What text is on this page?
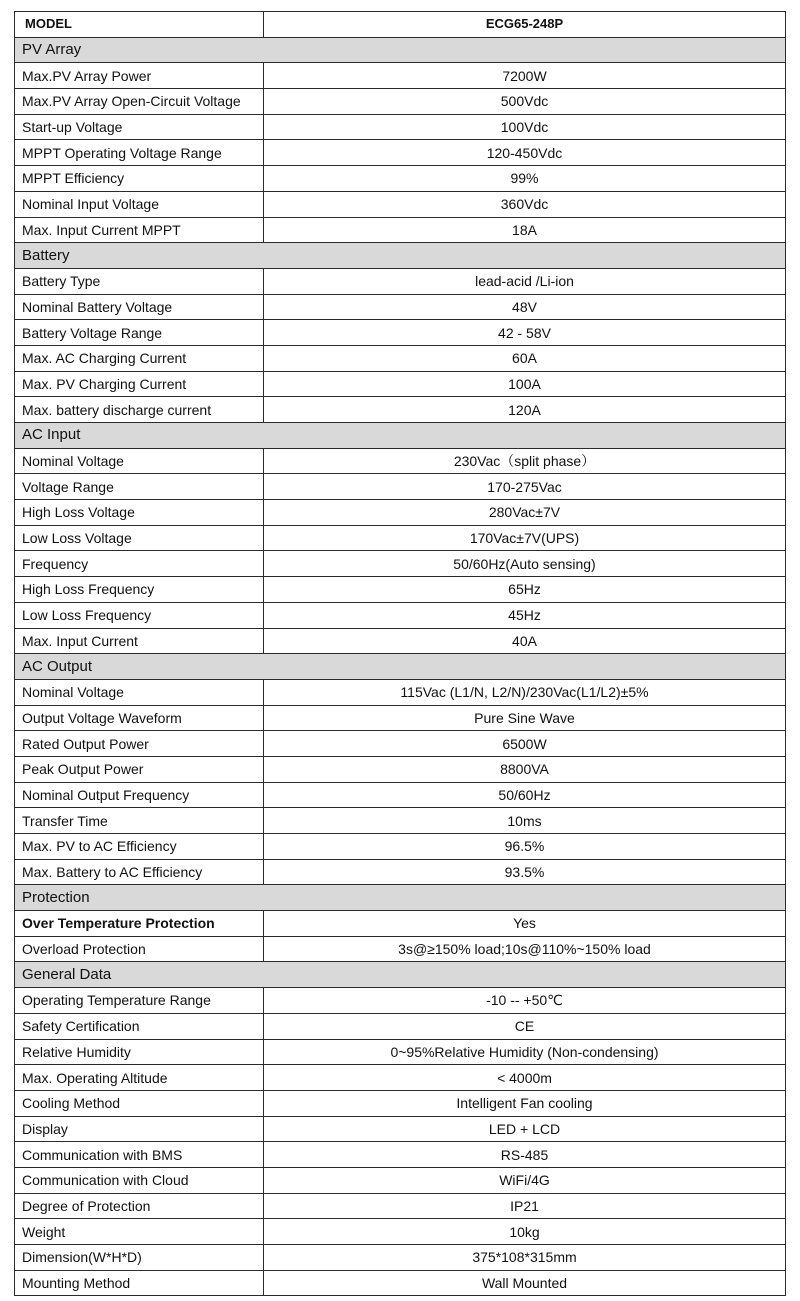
MODEL	ECG65-248P
PV Array	
Max.PV Array Power	7200W
Max.PV Array Open-Circuit Voltage	500Vdc
Start-up Voltage	100Vdc
MPPT Operating Voltage Range	120-450Vdc
MPPT Efficiency	99%
Nominal Input Voltage	360Vdc
Max. Input Current MPPT	18A
Battery	
Battery Type	lead-acid /Li-ion
Nominal Battery Voltage	48V
Battery Voltage Range	42 - 58V
Max. AC Charging Current	60A
Max. PV Charging Current	100A
Max. battery discharge current	120A
AC Input	
Nominal Voltage	230Vac（split phase）
Voltage Range	170-275Vac
High Loss Voltage	280Vac±7V
Low Loss Voltage	170Vac±7V(UPS)
Frequency	50/60Hz(Auto sensing)
High Loss Frequency	65Hz
Low Loss Frequency	45Hz
Max. Input Current	40A
AC Output	
Nominal Voltage	115Vac (L1/N, L2/N)/230Vac(L1/L2)±5%
Output Voltage Waveform	Pure Sine Wave
Rated Output Power	6500W
Peak Output Power	8800VA
Nominal Output Frequency	50/60Hz
Transfer Time	10ms
Max. PV to AC Efficiency	96.5%
Max. Battery to AC Efficiency	93.5%
Protection	
Over Temperature Protection	Yes
Overload Protection	3s@≥150% load;10s@110%~150% load
General Data	
Operating Temperature Range	-10 -- +50℃
Safety Certification	CE
Relative Humidity	0~95%Relative Humidity (Non-condensing)
Max. Operating Altitude	< 4000m
Cooling Method	Intelligent Fan cooling
Display	LED + LCD
Communication with BMS	RS-485
Communication with Cloud	WiFi/4G
Degree of Protection	IP21
Weight	10kg
Dimension(W*H*D)	375*108*315mm
Mounting Method	Wall Mounted
